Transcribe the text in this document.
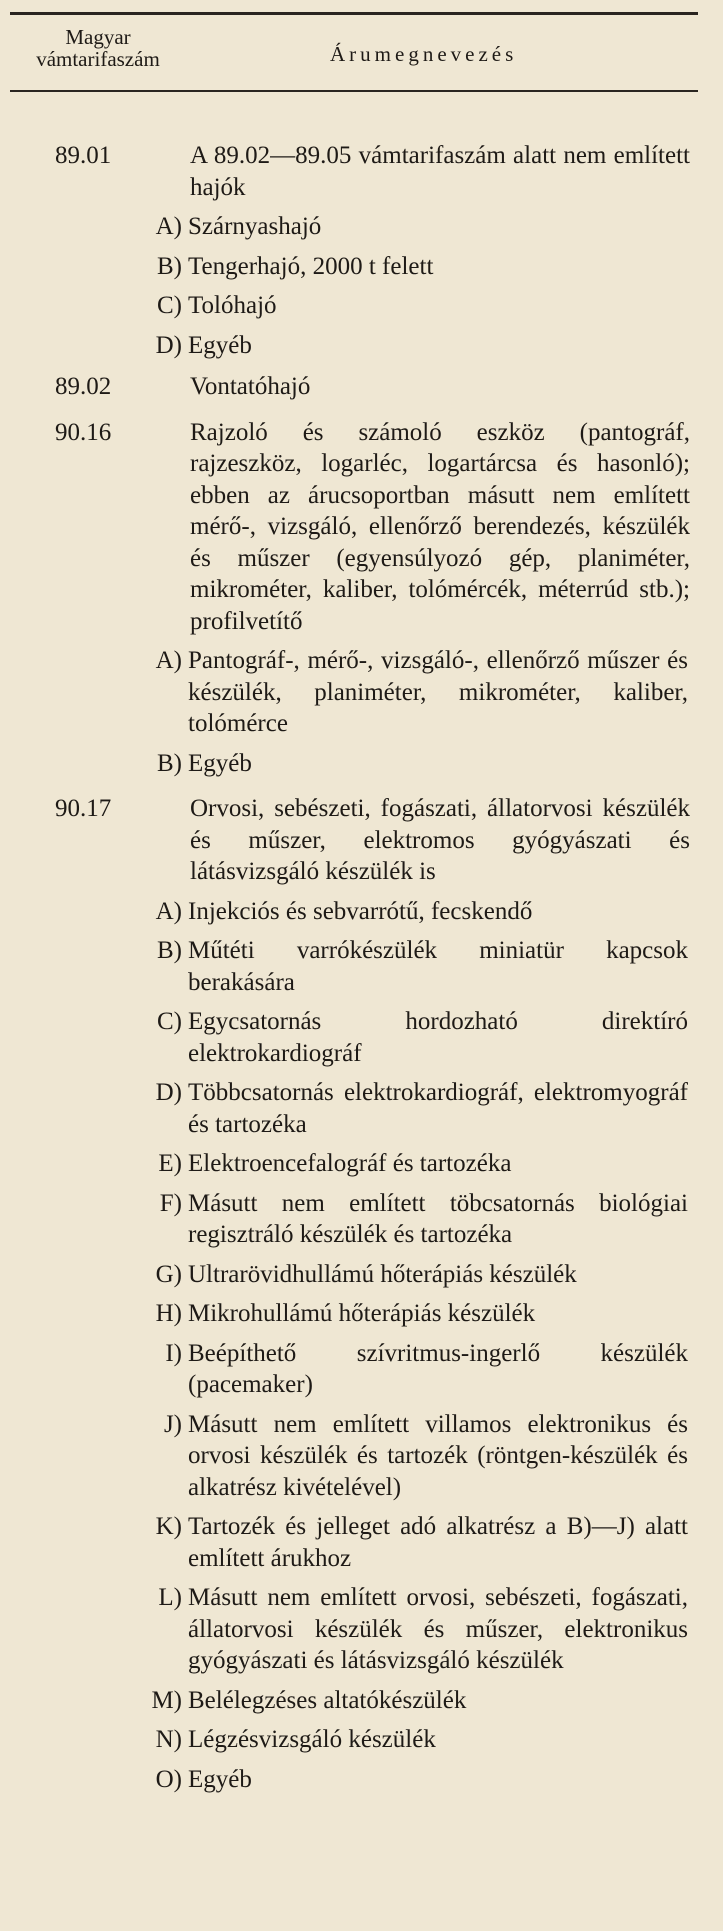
Magyar
vámtarifaszám	Árumegnevezés
89.01	A 89.02—89.05 vámtarifaszám alatt nem említett hajók
A) Szárnyashajó
B) Tengerhajó, 2000 t felett
C) Tolóhajó
D) Egyéb
89.02	Vontatóhajó
90.16	Rajzoló és számoló eszköz (pantográf, rajzeszköz, logarléc, logartárcsa és hasonló); ebben az árucsoportban másutt nem említett mérő-, vizsgáló, ellenőrző berendezés, készülék és műszer (egyensúlyozó gép, planiméter, mikrométer, kaliber, tolómércék, méterrúd stb.); profilvetítő
A) Pantográf-, mérő-, vizsgáló-, ellenőrző műszer és készülék, planiméter, mikrométer, kaliber, tolómérce
B) Egyéb
90.17	Orvosi, sebészeti, fogászati, állatorvosi készülék és műszer, elektromos gyógyászati és látásvizsgáló készülék is
A) Injekciós és sebvarrótű, fecskendő
B) Műtéti varrókészülék miniatür kapcsok berakására
C) Egycsatornás hordozható direktíró elektrokardiográf
D) Többcsatornás elektrokardiográf, elektromyográf és tartozéka
E) Elektroencefalográf és tartozéka
F) Másutt nem említett töbcsatornás biológiai regisztráló készülék és tartozéka
G) Ultrarövidhullámú hőterápiás készülék
H) Mikrohullámú hőterápiás készülék
I) Beépíthető szívritmus-ingerlő készülék (pacemaker)
J) Másutt nem említett villamos elektronikus és orvosi készülék és tartozék (röntgen-készülék és alkatrész kivételével)
K) Tartozék és jelleget adó alkatrész a B)—J) alatt említett árukhoz
L) Másutt nem említett orvosi, sebészeti, fogászati, állatorvosi készülék és műszer, elektronikus gyógyászati és látásvizsgáló készülék
M) Belélegzéses altatókészülék
N) Légzésvizsgáló készülék
O) Egyéb
